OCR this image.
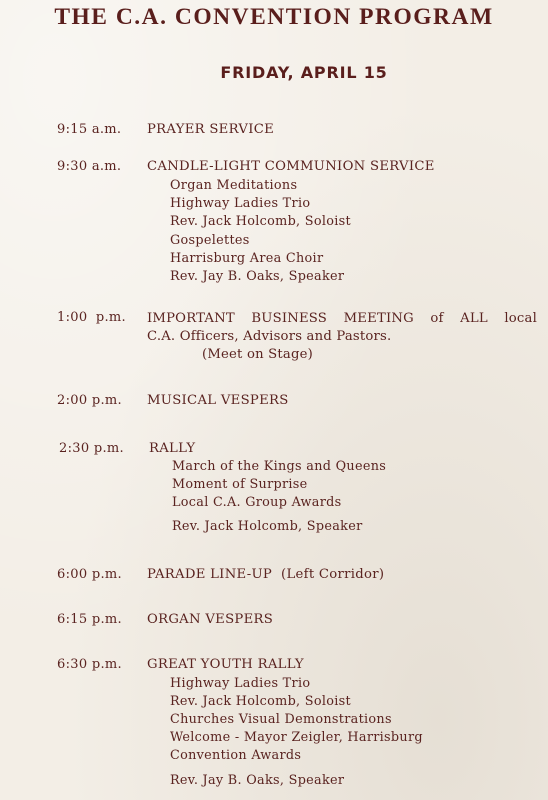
THE C.A. CONVENTION PROGRAM
FRIDAY, APRIL 15
9:15 a.m. PRAYER SERVICE
9:30 a.m. CANDLE-LIGHT COMMUNION SERVICE
Organ Meditations
Highway Ladies Trio
Rev. Jack Holcomb, Soloist
Gospelettes
Harrisburg Area Choir
Rev. Jay B. Oaks, Speaker
1:00 p.m. IMPORTANT BUSINESS MEETING of ALL local
C.A. Officers, Advisors and Pastors.
(Meet on Stage)
2:00 p.m. MUSICAL VESPERS
2:30 p.m. RALLY
March of the Kings and Queens
Moment of Surprise
Local C.A. Group Awards
Rev. Jack Holcomb, Speaker
6:00 p.m. PARADE LINE-UP  (Left Corridor)
6:15 p.m. ORGAN VESPERS
6:30 p.m. GREAT YOUTH RALLY
Highway Ladies Trio
Rev. Jack Holcomb, Soloist
Churches Visual Demonstrations
Welcome - Mayor Zeigler, Harrisburg
Convention Awards
Rev. Jay B. Oaks, Speaker
